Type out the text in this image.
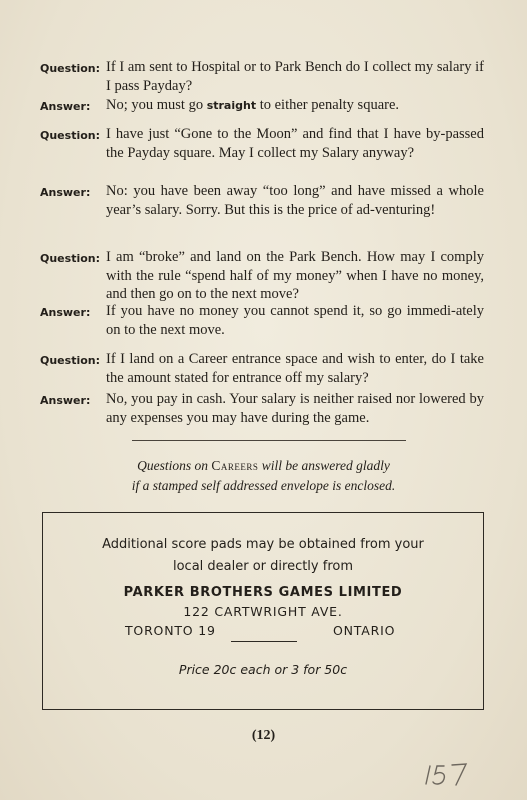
Question: If I am sent to Hospital or to Park Bench do I collect my salary if I pass Payday?
Answer:	No; you must go straight to either penalty square.
Question: I have just “Gone to the Moon” and find that I have by-passed the Payday square. May I collect my Salary anyway?
Answer:	No: you have been away “too long” and have missed a whole year’s salary. Sorry. But this is the price of ad-venturing!
Question: I am “broke” and land on the Park Bench. How may I comply with the rule “spend half of my money” when I have no money, and then go on to the next move?
Answer:	If you have no money you cannot spend it, so go immedi-ately on to the next move.
Question: If I land on a Career entrance space and wish to enter, do I take the amount stated for entrance off my salary?
Answer:	No, you pay in cash. Your salary is neither raised nor lowered by any expenses you may have during the game.
Questions on Careers will be answered gladly
if a stamped self addressed envelope is enclosed.
Additional score pads may be obtained from your
local dealer or directly from
PARKER BROTHERS GAMES LIMITED
122 CARTWRIGHT AVE.
TORONTO 19	ONTARIO
Price 20c each or 3 for 50c
(12)
